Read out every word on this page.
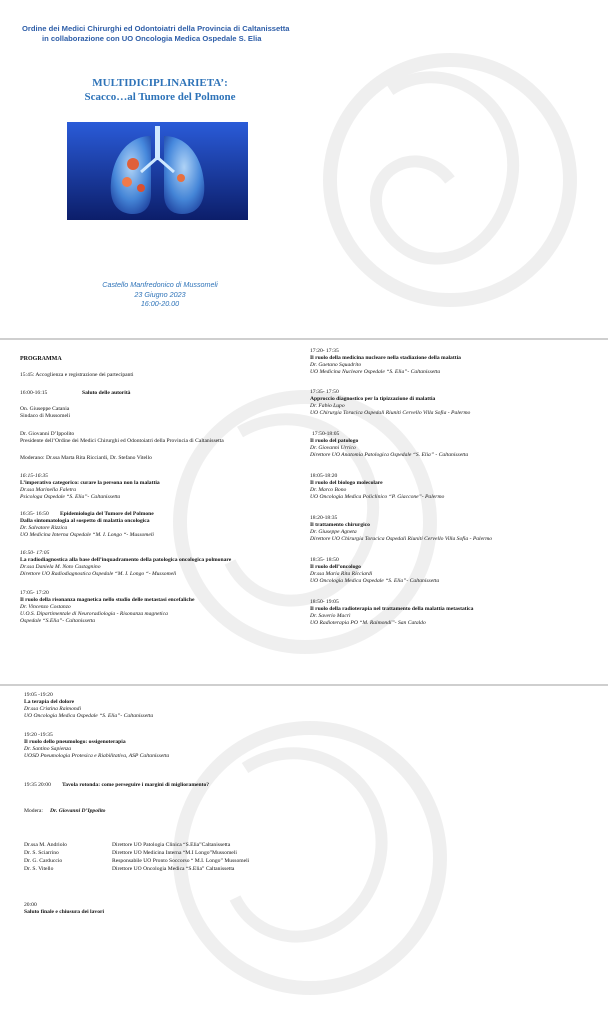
Ordine dei Medici Chirurghi ed Odontoiatri della Provincia di Caltanissetta
in collaborazione con UO Oncologia Medica Ospedale S. Elia
MULTIDICIPLINARIETA’:
Scacco…al Tumore del Polmone
Castello Manfredonico di Mussomeli
23 Giugno 2023
16:00-20.00
PROGRAMMA
15:45: Accoglienza e registrazione dei partecipanti
16:00-16:15	Saluto delle autorità
On. Giuseppe Catania
Sindaco di Mussomeli
Dr. Giovanni D’Ippolito
Presidente dell’Ordine dei Medici Chirurghi ed Odontoiatri della Provincia di Caltanissetta
Moderano: Dr.ssa Marta Rita Ricciardi, Dr. Stefano Vitello
16:15-16:35
L’imperativo categorico: curare la persona non la malattia
Dr.ssa Marinella Faletra
Psicologa Ospedale “S. Elia”- Caltanissetta
16:35- 16:50 Epidemiologia del Tumore del Polmone
Dalla sintomatologia al sospetto di malattia oncologica
Dr. Salvatore Rizzica
UO Medicina Interna Ospedale “M. I. Longo “- Mussomeli
16:50- 17:05
La radiodiagnostica alla base dell’inquadramento della patologica oncologica polmonare
Dr.ssa Daniela M. Noto Castagnino
Direttore UO Radiodiagnostica Ospedale “M. I. Longo “- Mussomeli
17:05- 17:20
Il ruolo della risonanza magnetica nello studio delle metastasi encefaliche
Dr. Vincenzo Costanzo
U.O.S. Dipartimentale di Neuroradiologia - Risonanza magnetica
Ospedale “S.Elia”- Caltanissetta
17:20- 17:35
Il ruolo della medicina nucleare nella stadiazione della malattia
Dr. Gaetano Squadrito
UO Medicina Nucleare Ospedale “S. Elia”- Caltanissetta
17:35- 17:50
Approccio diagnostico per la tipizzazione di malattia
Dr. Fabio Lupo
UO Chirurgia Toracica Ospedali Riuniti Cervello Villa Sofia - Palermo
17:50-18:05
Il ruolo del patologo
Dr. Giovanni Urrico
Direttore UO Anatomia Patologica Ospedale “S. Elia” - Caltanissetta
18:05-18:20
Il ruolo del biologo molecolare
Dr. Marco Bono
UO Oncologia Medica Policlinico “P. Giaccone”- Palermo
18:20-18:35
Il trattamento chirurgico
Dr. Giuseppe Agneta
Direttore UO Chirurgia Toracica Ospedali Riuniti Cervello Villa Sofia - Palermo
18:35- 18:50
Il ruolo dell’oncologo
Dr.ssa Maria Rita Ricciardi
UO Oncologia Medica Ospedale “S. Elia”- Caltanissetta
18:50- 19:05
Il ruolo della radioterapia nel trattamento della malattia metastatica
Dr. Saverio Macrì
UO Radioterapia PO “M. Raimondi”- San Cataldo
19:05 -19:20
La terapia del dolore
Dr.ssa Cristina Raimondi
UO Oncologia Medica Ospedale “S. Elia”- Caltanissetta
19:20 -19:35
Il ruolo dello pneumologo: ossigenoterapia
Dr. Santino Sapienza
UOSD Pneumologia Protesica e Riabilitativa, ASP Caltanissetta
19:35 20:00 Tavola rotonda: come perseguire i margini di miglioramento?
Modera: Dr. Giovanni D’Ippolito
Dr.ssa M. Andriolo	Direttore UO Patologia Clinica “S.Elia”Caltanissetta
Dr. S. Sciarrino	Direttore UO Medicina Interna “M.I Longo”Mussomeli
Dr. G. Carduccio	Responsabile UO Pronto Soccorso “ M.I. Longo” Mussomeli
Dr. S. Vitello	Direttore UO Oncologia Medica “S.Elia” Caltanissetta
20:00
Saluto finale e chiusura dei lavori
